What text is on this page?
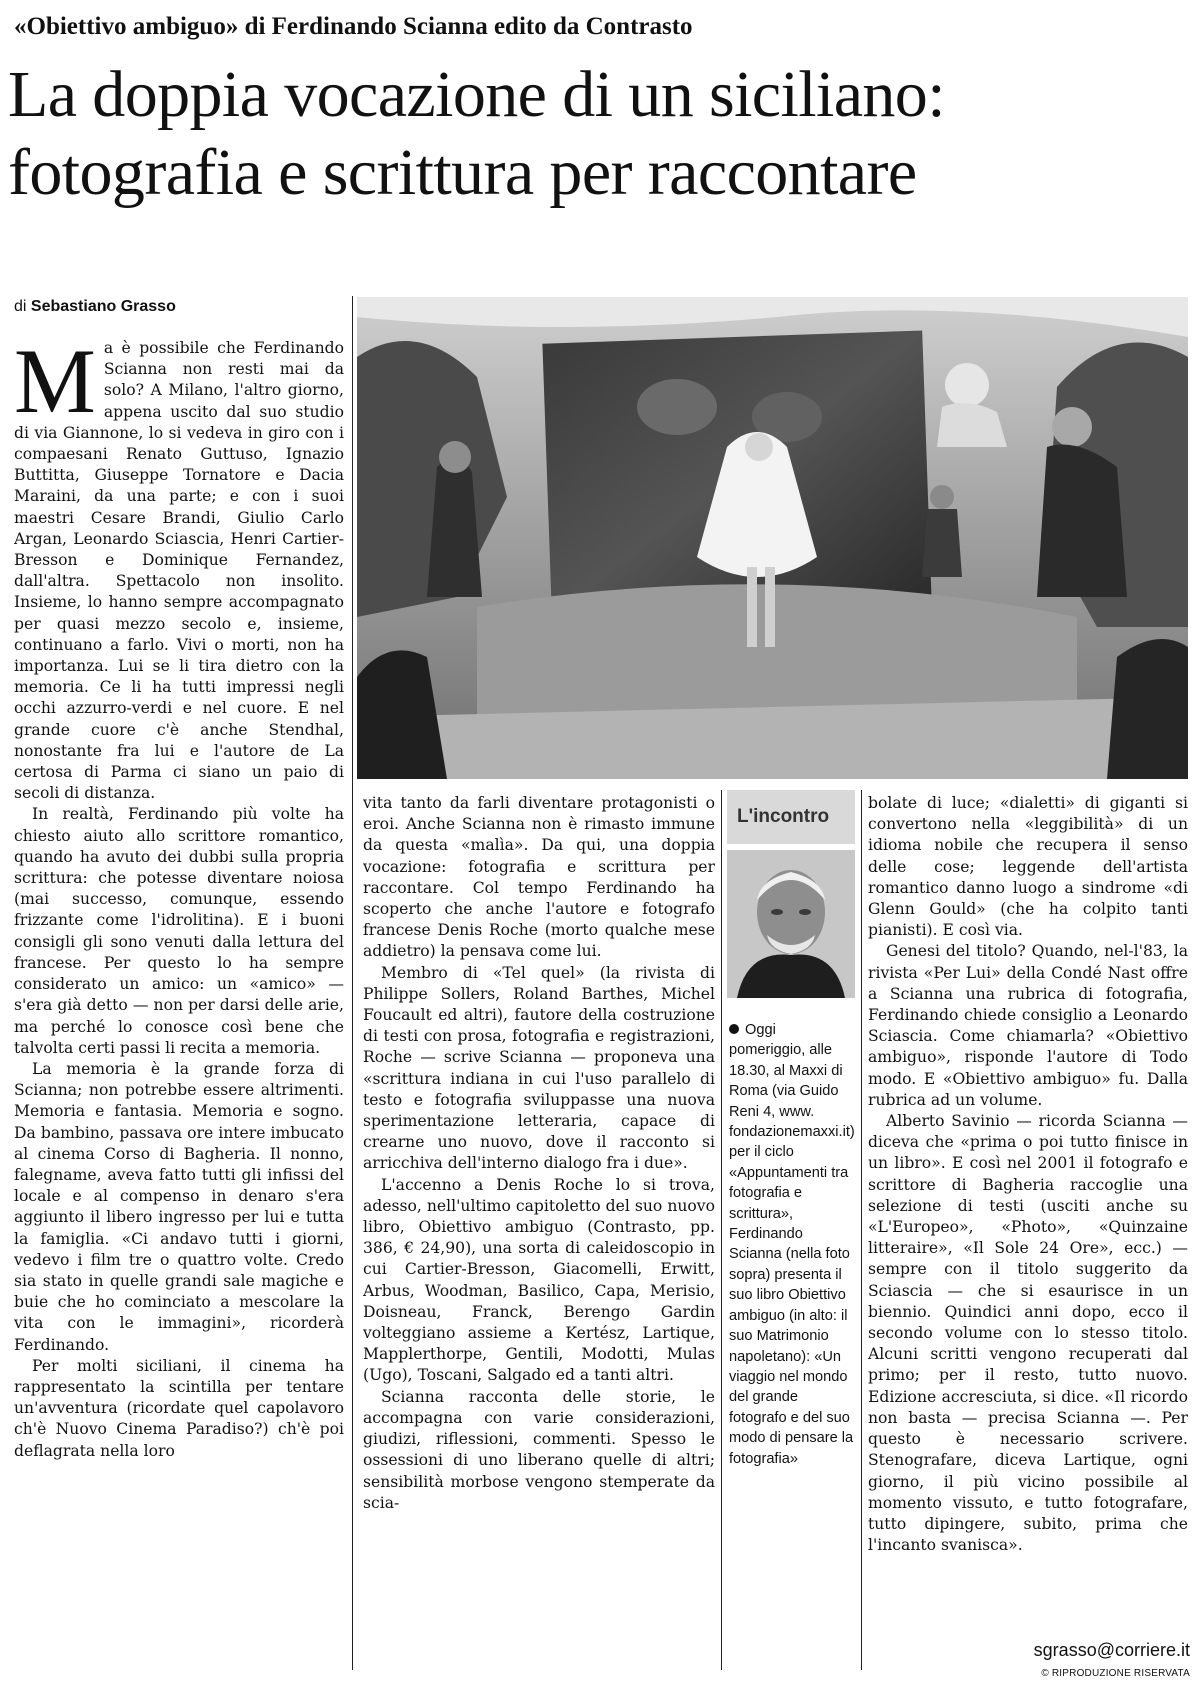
«Obiettivo ambiguo» di Ferdinando Scianna edito da Contrasto
La doppia vocazione di un siciliano:
fotografia e scrittura per raccontare
di Sebastiano Grasso
M a è possibile che Ferdinando Scianna non resti mai da solo? A Milano, l'altro giorno, appena uscito dal suo studio di via Giannone, lo si vedeva in giro con i compaesani Renato Guttuso, Ignazio Buttitta, Giuseppe Tornatore e Dacia Maraini, da una parte; e con i suoi maestri Cesare Brandi, Giulio Carlo Argan, Leonardo Sciascia, Henri Cartier-Bresson e Dominique Fernandez, dall'altra. Spettacolo non insolito. Insieme, lo hanno sempre accompagnato per quasi mezzo secolo e, insieme, continuano a farlo. Vivi o morti, non ha importanza. Lui se li tira dietro con la memoria. Ce li ha tutti impressi negli occhi azzurro-verdi e nel cuore. E nel grande cuore c'è anche Stendhal, nonostante fra lui e l'autore de La certosa di Parma ci siano un paio di secoli di distanza.

In realtà, Ferdinando più volte ha chiesto aiuto allo scrittore romantico, quando ha avuto dei dubbi sulla propria scrittura: che potesse diventare noiosa (mai successo, comunque, essendo frizzante come l'idrolitina). E i buoni consigli gli sono venuti dalla lettura del francese. Per questo lo ha sempre considerato un amico: un «amico» — s'era già detto — non per darsi delle arie, ma perché lo conosce così bene che talvolta certi passi li recita a memoria.

La memoria è la grande forza di Scianna; non potrebbe essere altrimenti. Memoria e fantasia. Memoria e sogno. Da bambino, passava ore intere imbucato al cinema Corso di Bagheria. Il nonno, falegname, aveva fatto tutti gli infissi del locale e al compenso in denaro s'era aggiunto il libero ingresso per lui e tutta la famiglia. «Ci andavo tutti i giorni, vedevo i film tre o quattro volte. Credo sia stato in quelle grandi sale magiche e buie che ho cominciato a mescolare la vita con le immagini», ricorderà Ferdinando.

Per molti siciliani, il cinema ha rappresentato la scintilla per tentare un'avventura (ricordate quel capolavoro ch'è Nuovo Cinema Paradiso?) ch'è poi deflagrata nella loro

vita tanto da farli diventare protagonisti o eroi. Anche Scianna non è rimasto immune da questa «malìa». Da qui, una doppia vocazione: fotografia e scrittura per raccontare. Col tempo Ferdinando ha scoperto che anche l'autore e fotografo francese Denis Roche (morto qualche mese addietro) la pensava come lui.

Membro di «Tel quel» (la rivista di Philippe Sollers, Roland Barthes, Michel Foucault ed altri), fautore della costruzione di testi con prosa, fotografia e registrazioni, Roche — scrive Scianna — proponeva una «scrittura indiana in cui l'uso parallelo di testo e fotografia sviluppasse una nuova sperimentazione letteraria, capace di crearne uno nuovo, dove il racconto si arricchiva dell'interno dialogo fra i due».

L'accenno a Denis Roche lo si trova, adesso, nell'ultimo capitoletto del suo nuovo libro, Obiettivo ambiguo (Contrasto, pp. 386, € 24,90), una sorta di caleidoscopio in cui Cartier-Bresson, Giacomelli, Erwitt, Arbus, Woodman, Basilico, Capa, Merisio, Doisneau, Franck, Berengo Gardin volteggiano assieme a Kertész, Lartique, Mapplerthorpe, Gentili, Modotti, Mulas (Ugo), Toscani, Salgado ed a tanti altri.

Scianna racconta delle storie, le accompagna con varie considerazioni, giudizi, riflessioni, commenti. Spesso le ossessioni di uno liberano quelle di altri; sensibilità morbose vengono stemperate da scia-

L'incontro
Oggi pomeriggio, alle 18.30, al Maxxi di Roma (via Guido Reni 4, www. fondazionemaxxi.it) per il ciclo «Appuntamenti tra fotografia e scrittura», Ferdinando Scianna (nella foto sopra) presenta il suo libro Obiettivo ambiguo (in alto: il suo Matrimonio napoletano): «Un viaggio nel mondo del grande fotografo e del suo modo di pensare la fotografia»

bolate di luce; «dialetti» di giganti si convertono nella «leggibilità» di un idioma nobile che recupera il senso delle cose; leggende dell'artista romantico danno luogo a sindrome «di Glenn Gould» (che ha colpito tanti pianisti). E così via.

Genesi del titolo? Quando, nel-l'83, la rivista «Per Lui» della Condé Nast offre a Scianna una rubrica di fotografia, Ferdinando chiede consiglio a Leonardo Sciascia. Come chiamarla? «Obiettivo ambiguo», risponde l'autore di Todo modo. E «Obiettivo ambiguo» fu. Dalla rubrica ad un volume.

Alberto Savinio — ricorda Scianna — diceva che «prima o poi tutto finisce in un libro». E così nel 2001 il fotografo e scrittore di Bagheria raccoglie una selezione di testi (usciti anche su «L'Europeo», «Photo», «Quinzaine litteraire», «Il Sole 24 Ore», ecc.) — sempre con il titolo suggerito da Sciascia — che si esaurisce in un biennio. Quindici anni dopo, ecco il secondo volume con lo stesso titolo. Alcuni scritti vengono recuperati dal primo; per il resto, tutto nuovo. Edizione accresciuta, si dice. «Il ricordo non basta — precisa Scianna —. Per questo è necessario scrivere. Stenografare, diceva Lartique, ogni giorno, il più vicino possibile al momento vissuto, e tutto fotografare, tutto dipingere, subito, prima che l'incanto svanisca».

sgrasso@corriere.it
© RIPRODUZIONE RISERVATA
